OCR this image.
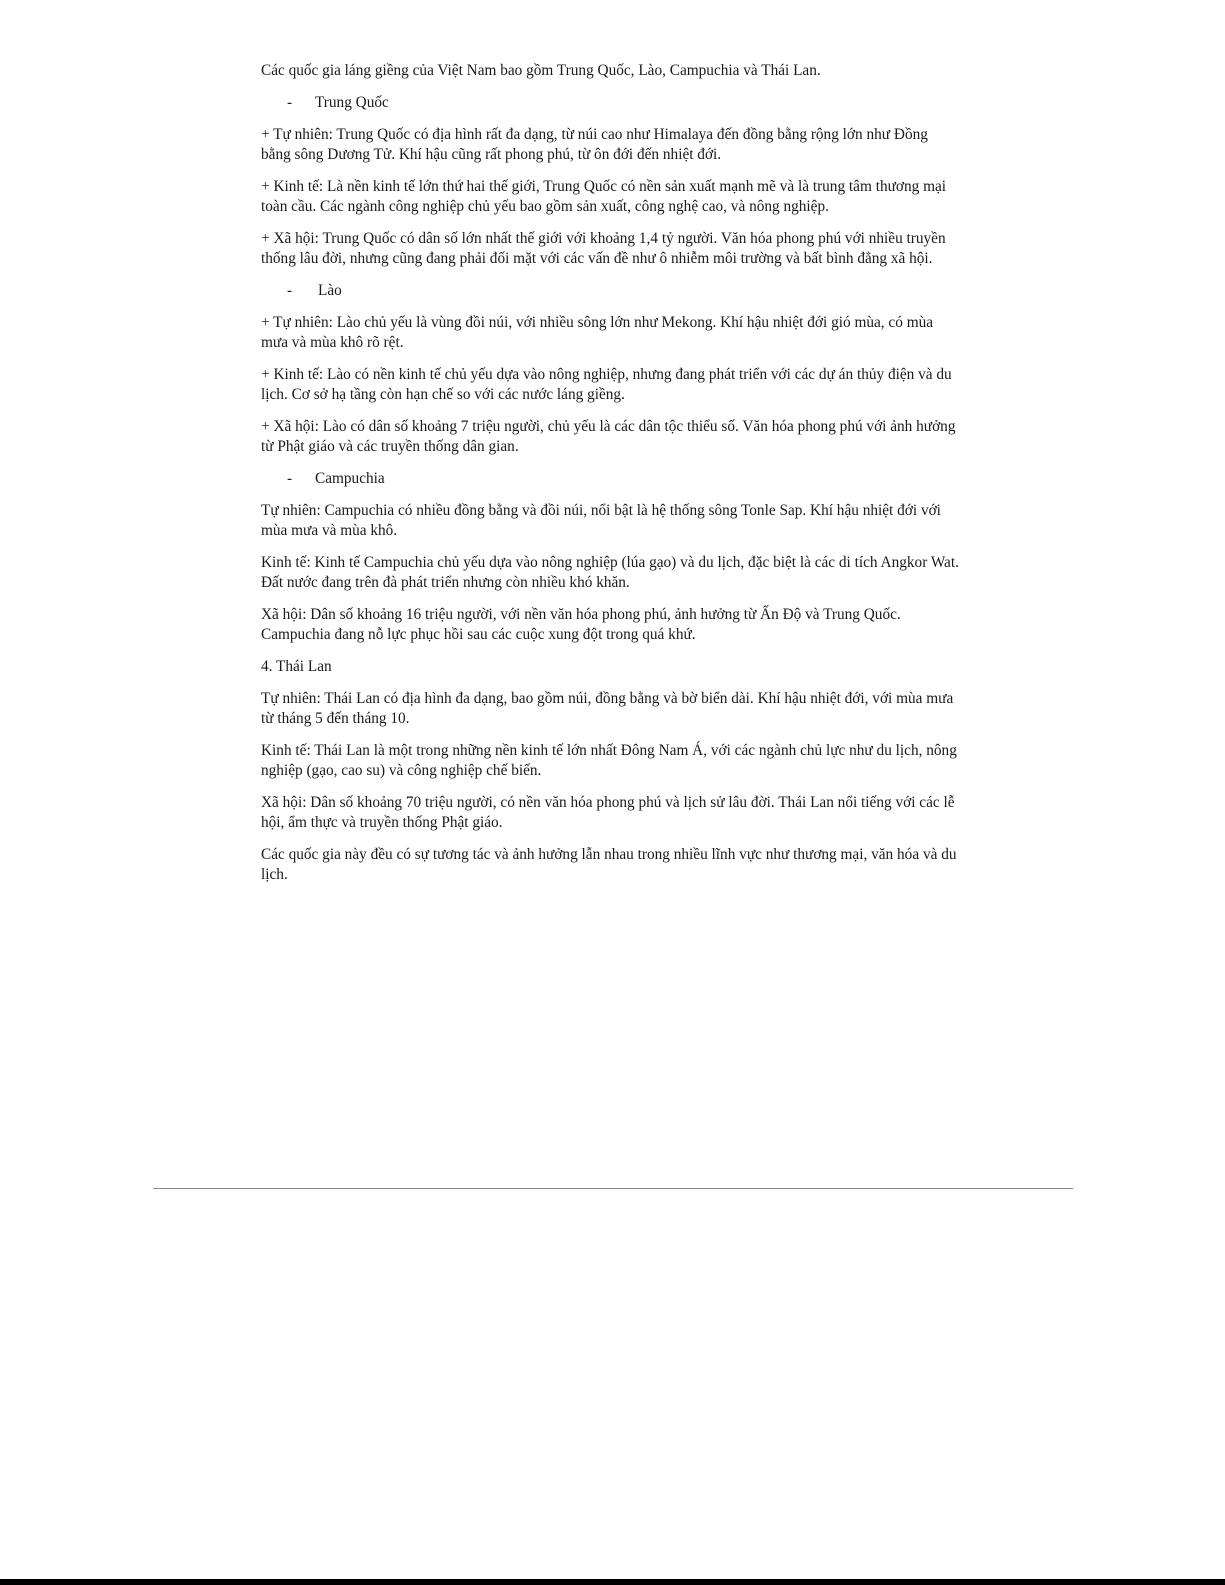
Các quốc gia láng giềng của Việt Nam bao gồm Trung Quốc, Lào, Campuchia và Thái Lan.

-	Trung Quốc

+ Tự nhiên: Trung Quốc có địa hình rất đa dạng, từ núi cao như Himalaya đến đồng bằng rộng lớn như Đồng bằng sông Dương Tử. Khí hậu cũng rất phong phú, từ ôn đới đến nhiệt đới.

+ Kinh tế: Là nền kinh tế lớn thứ hai thế giới, Trung Quốc có nền sản xuất mạnh mẽ và là trung tâm thương mại toàn cầu. Các ngành công nghiệp chủ yếu bao gồm sản xuất, công nghệ cao, và nông nghiệp.

+ Xã hội: Trung Quốc có dân số lớn nhất thế giới với khoảng 1,4 tỷ người. Văn hóa phong phú với nhiều truyền thống lâu đời, nhưng cũng đang phải đối mặt với các vấn đề như ô nhiễm môi trường và bất bình đẳng xã hội.

-	Lào

+ Tự nhiên: Lào chủ yếu là vùng đồi núi, với nhiều sông lớn như Mekong. Khí hậu nhiệt đới gió mùa, có mùa mưa và mùa khô rõ rệt.

+ Kinh tế: Lào có nền kinh tế chủ yếu dựa vào nông nghiệp, nhưng đang phát triển với các dự án thủy điện và du lịch. Cơ sở hạ tầng còn hạn chế so với các nước láng giềng.

+ Xã hội: Lào có dân số khoảng 7 triệu người, chủ yếu là các dân tộc thiểu số. Văn hóa phong phú với ảnh hưởng từ Phật giáo và các truyền thống dân gian.

-	Campuchia

Tự nhiên: Campuchia có nhiều đồng bằng và đồi núi, nổi bật là hệ thống sông Tonle Sap. Khí hậu nhiệt đới với mùa mưa và mùa khô.

Kinh tế: Kinh tế Campuchia chủ yếu dựa vào nông nghiệp (lúa gạo) và du lịch, đặc biệt là các di tích Angkor Wat. Đất nước đang trên đà phát triển nhưng còn nhiều khó khăn.

Xã hội: Dân số khoảng 16 triệu người, với nền văn hóa phong phú, ảnh hưởng từ Ấn Độ và Trung Quốc. Campuchia đang nỗ lực phục hồi sau các cuộc xung đột trong quá khứ.

4. Thái Lan

Tự nhiên: Thái Lan có địa hình đa dạng, bao gồm núi, đồng bằng và bờ biển dài. Khí hậu nhiệt đới, với mùa mưa từ tháng 5 đến tháng 10.

Kinh tế: Thái Lan là một trong những nền kinh tế lớn nhất Đông Nam Á, với các ngành chủ lực như du lịch, nông nghiệp (gạo, cao su) và công nghiệp chế biến.

Xã hội: Dân số khoảng 70 triệu người, có nền văn hóa phong phú và lịch sử lâu đời. Thái Lan nổi tiếng với các lễ hội, ẩm thực và truyền thống Phật giáo.

Các quốc gia này đều có sự tương tác và ảnh hưởng lẫn nhau trong nhiều lĩnh vực như thương mại, văn hóa và du lịch.
